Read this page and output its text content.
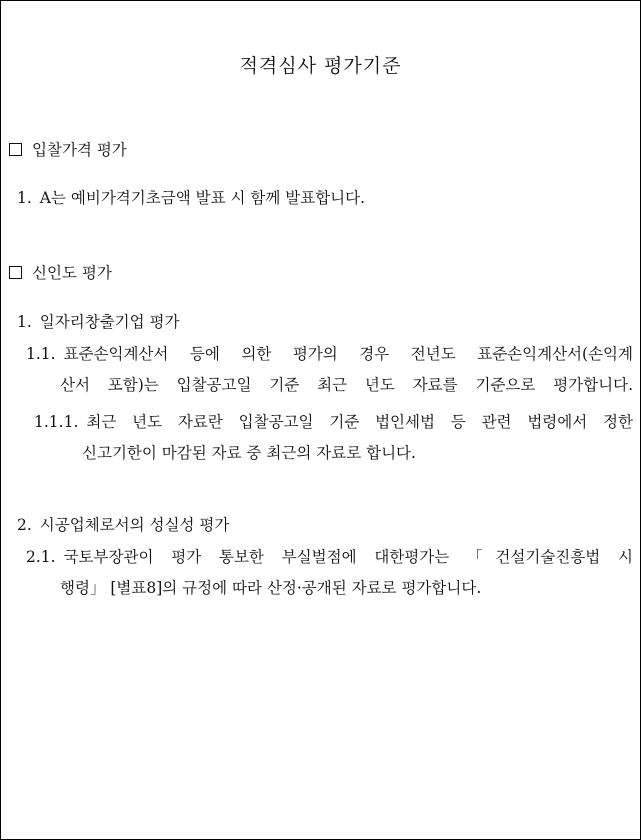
적격심사 평가기준
입찰가격 평가
1. A는 예비가격기초금액 발표 시 함께 발표합니다.
신인도 평가
1. 일자리창출기업 평가
1.1. 표준손익계산서 등에 의한 평가의 경우 전년도 표준손익계산서(손익계
산서 포함)는 입찰공고일 기준 최근 년도 자료를 기준으로 평가합니다.
1.1.1. 최근 년도 자료란 입찰공고일 기준 법인세법 등 관련 법령에서 정한
신고기한이 마감된 자료 중 최근의 자료로 합니다.
2. 시공업체로서의 성실성 평가
2.1. 국토부장관이 평가 통보한 부실벌점에 대한평가는 「건설기술진흥법 시
행령」 [별표8]의 규정에 따라 산정·공개된 자료로 평가합니다.
